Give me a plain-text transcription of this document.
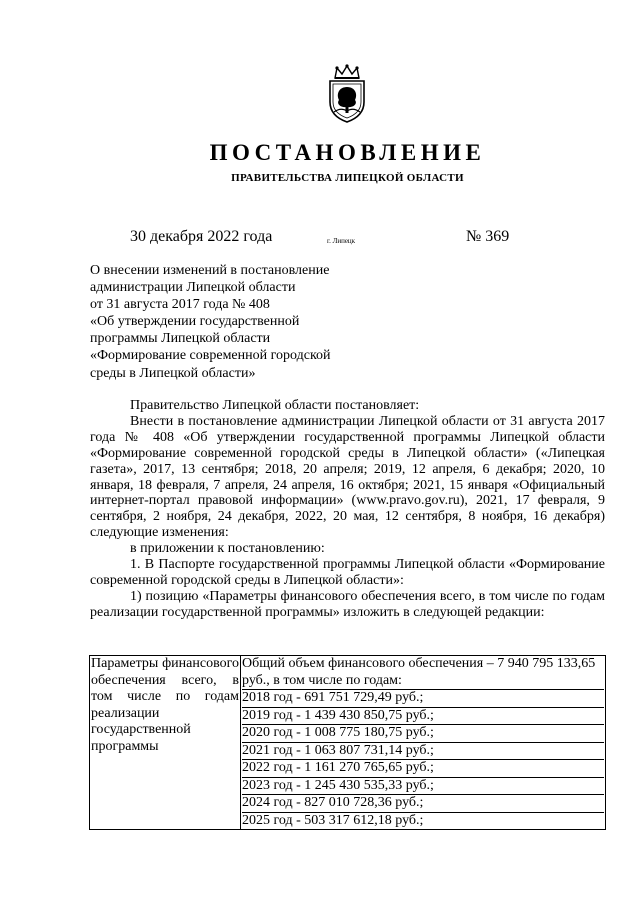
ПОСТАНОВЛЕНИЕ
ПРАВИТЕЛЬСТВА ЛИПЕЦКОЙ ОБЛАСТИ
30 декабря 2022 года	г. Липецк	№ 369
О внесении изменений в постановление
администрации Липецкой области
от 31 августа 2017 года № 408
«Об утверждении государственной
программы Липецкой области
«Формирование современной городской
среды в Липецкой области»
Правительство Липецкой области постановляет:
Внести в постановление администрации Липецкой области от 31 августа 2017 года № 408 «Об утверждении государственной программы Липецкой области «Формирование современной городской среды в Липецкой области» («Липецкая газета», 2017, 13 сентября; 2018, 20 апреля; 2019, 12 апреля, 6 декабря; 2020, 10 января, 18 февраля, 7 апреля, 24 апреля, 16 октября; 2021, 15 января «Официальный интернет-портал правовой информации» (www.pravo.gov.ru), 2021, 17 февраля, 9 сентября, 2 ноября, 24 декабря, 2022, 20 мая, 12 сентября, 8 ноября, 16 декабря) следующие изменения:
в приложении к постановлению:
1. В Паспорте государственной программы Липецкой области «Формирование современной городской среды в Липецкой области»:
1) позицию «Параметры финансового обеспечения всего, в том числе по годам реализации государственной программы» изложить в следующей редакции:
Параметры финансового обеспечения всего, в том числе по годам реализации государственной программы	
Общий объем финансового обеспечения – 7 940 795 133,65 руб., в том числе по годам:
2018 год - 691 751 729,49 руб.;
2019 год - 1 439 430 850,75 руб.;
2020 год - 1 008 775 180,75 руб.;
2021 год - 1 063 807 731,14 руб.;
2022 год - 1 161 270 765,65 руб.;
2023 год - 1 245 430 535,33 руб.;
2024 год - 827 010 728,36 руб.;
2025 год - 503 317 612,18 руб.;
